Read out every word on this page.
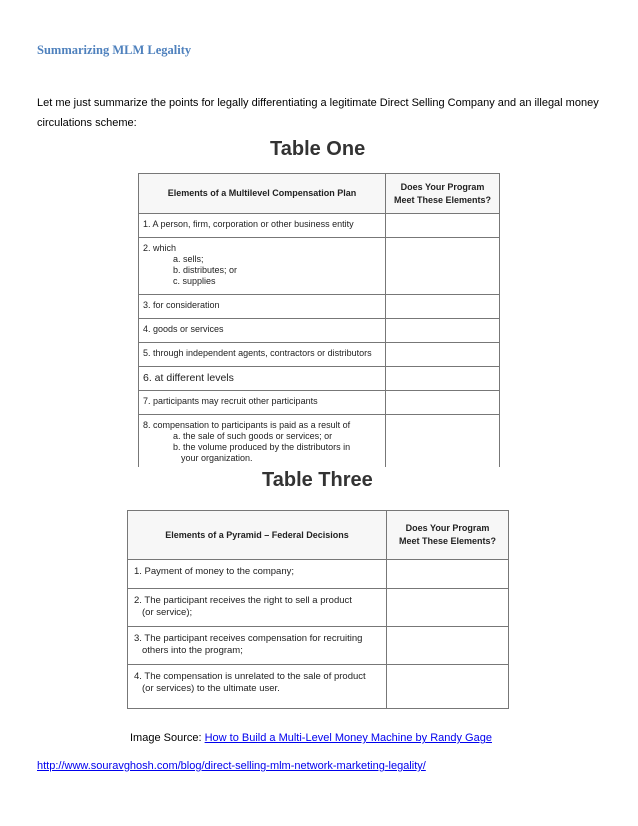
Summarizing MLM Legality
Let me just summarize the points for legally differentiating a legitimate Direct Selling Company and an illegal money circulations scheme:
Table One
Elements of a Multilevel Compensation Plan	Does Your Program Meet These Elements?

1. A person, firm, corporation or other business entity	

2. which
a. sells;
b. distributes; or
c. supplies	

3. for consideration	

4. goods or services	

5. through independent agents, contractors or distributors	

6. at different levels	

7. participants may recruit other participants	

8. compensation to participants is paid as a result of
a. the sale of such goods or services; or
b. the volume produced by the distributors in
your organization.	

Table Three
Elements of a Pyramid – Federal Decisions	Does Your Program Meet These Elements?

1. Payment of money to the company;	

2. The participant receives the right to sell a product
(or service);	

3. The participant receives compensation for recruiting
others into the program;	

4. The compensation is unrelated to the sale of product
(or services) to the ultimate user.	

Image Source: How to Build a Multi-Level Money Machine by Randy Gage
http://www.souravghosh.com/blog/direct-selling-mlm-network-marketing-legality/
